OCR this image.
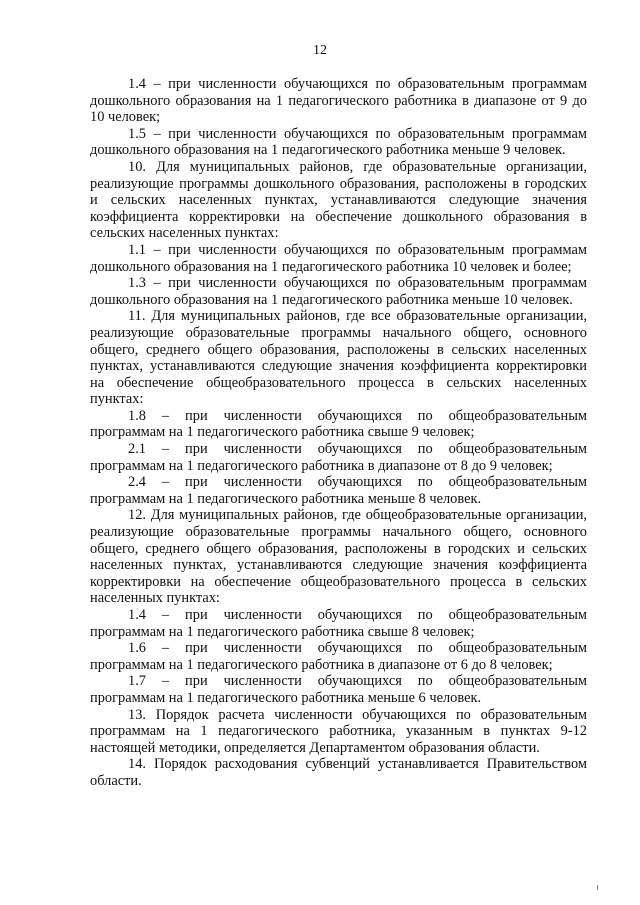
12

1.4 – при численности обучающихся по образовательным программам дошкольного образования на 1 педагогического работника в диапазоне от 9 до 10 человек;

1.5 – при численности обучающихся по образовательным программам дошкольного образования на 1 педагогического работника меньше 9 человек.

10. Для муниципальных районов, где образовательные организации, реализующие программы дошкольного образования, расположены в городских и сельских населенных пунктах, устанавливаются следующие значения коэффициента корректировки на обеспечение дошкольного образования в сельских населенных пунктах:

1.1 – при численности обучающихся по образовательным программам дошкольного образования на 1 педагогического работника 10 человек и более;

1.3 – при численности обучающихся по образовательным программам дошкольного образования на 1 педагогического работника меньше 10 человек.

11. Для муниципальных районов, где все образовательные организации, реализующие образовательные программы начального общего, основного общего, среднего общего образования, расположены в сельских населенных пунктах, устанавливаются следующие значения коэффициента корректировки на обеспечение общеобразовательного процесса в сельских населенных пунктах:

1.8 – при численности обучающихся по общеобразовательным программам на 1 педагогического работника свыше 9 человек;

2.1 – при численности обучающихся по общеобразовательным программам на 1 педагогического работника в диапазоне от 8 до 9 человек;

2.4 – при численности обучающихся по общеобразовательным программам на 1 педагогического работника меньше 8 человек.

12. Для муниципальных районов, где общеобразовательные организации, реализующие образовательные программы начального общего, основного общего, среднего общего образования, расположены в городских и сельских населенных пунктах, устанавливаются следующие значения коэффициента корректировки на обеспечение общеобразовательного процесса в сельских населенных пунктах:

1.4 – при численности обучающихся по общеобразовательным программам на 1 педагогического работника свыше 8 человек;

1.6 – при численности обучающихся по общеобразовательным программам на 1 педагогического работника в диапазоне от 6 до 8 человек;

1.7 – при численности обучающихся по общеобразовательным программам на 1 педагогического работника меньше 6 человек.

13. Порядок расчета численности обучающихся по образовательным программам на 1 педагогического работника, указанным в пунктах 9-12 настоящей методики, определяется Департаментом образования области.

14. Порядок расходования субвенций устанавливается Правительством области.
